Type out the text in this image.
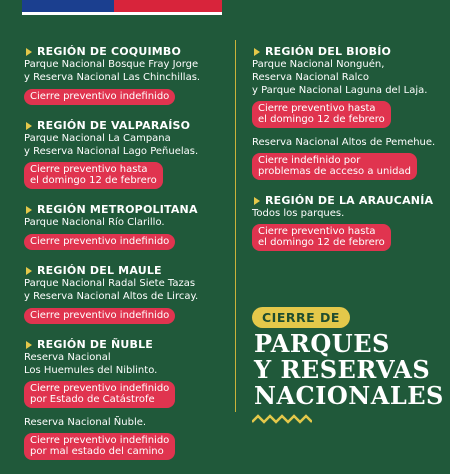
REGIÓN DE COQUIMBO
Parque Nacional Bosque Fray Jorge
y Reserva Nacional Las Chinchillas.
Cierre preventivo indefinido
REGIÓN DE VALPARAÍSO
Parque Nacional La Campana
y Reserva Nacional Lago Peñuelas.
Cierre preventivo hasta
el domingo 12 de febrero
REGIÓN METROPOLITANA
Parque Nacional Río Clarillo.
Cierre preventivo indefinido
REGIÓN DEL MAULE
Parque Nacional Radal Siete Tazas
y Reserva Nacional Altos de Lircay.
Cierre preventivo indefinido
REGIÓN DE ÑUBLE
Reserva Nacional
Los Huemules del Niblinto.
Cierre preventivo indefinido
por Estado de Catástrofe
Reserva Nacional Ñuble.
Cierre preventivo indefinido
por mal estado del camino
REGIÓN DEL BIOBÍO
Parque Nacional Nonguén,
Reserva Nacional Ralco
y Parque Nacional Laguna del Laja.
Cierre preventivo hasta
el domingo 12 de febrero
Reserva Nacional Altos de Pemehue.
Cierre indefinido por
problemas de acceso a unidad
REGIÓN DE LA ARAUCANÍA
Todos los parques.
Cierre preventivo hasta
el domingo 12 de febrero
CIERRE DE
PARQUES
Y RESERVAS
NACIONALES
